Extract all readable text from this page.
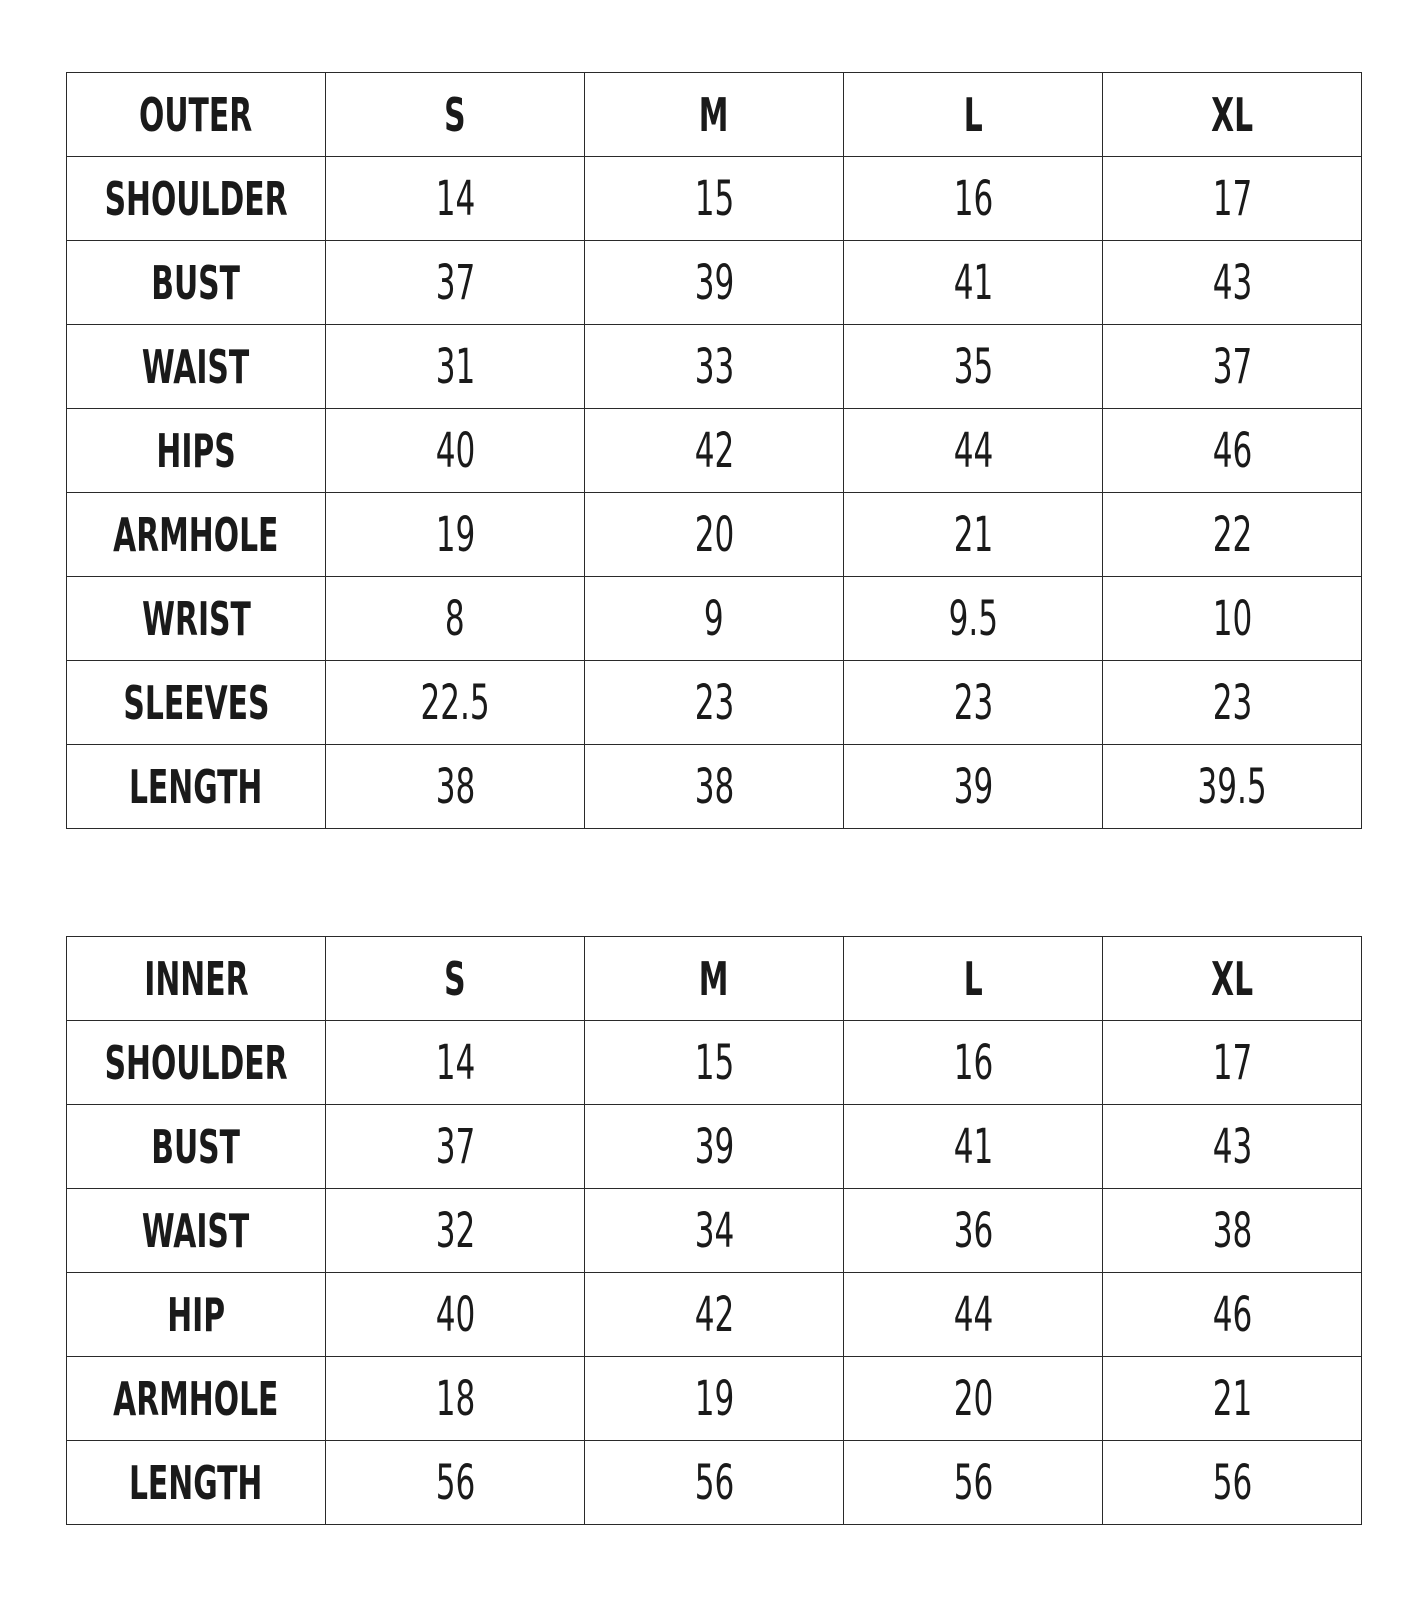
OUTER	S	M	L	XL
SHOULDER	14	15	16	17
BUST	37	39	41	43
WAIST	31	33	35	37
HIPS	40	42	44	46
ARMHOLE	19	20	21	22
WRIST	8	9	9.5	10
SLEEVES	22.5	23	23	23
LENGTH	38	38	39	39.5
INNER	S	M	L	XL
SHOULDER	14	15	16	17
BUST	37	39	41	43
WAIST	32	34	36	38
HIP	40	42	44	46
ARMHOLE	18	19	20	21
LENGTH	56	56	56	56
